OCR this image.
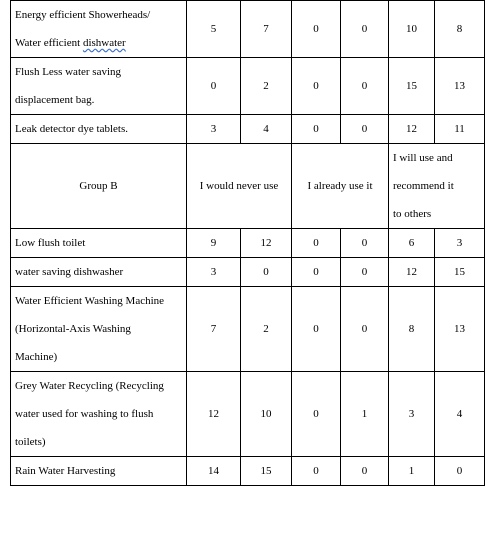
Energy efficient Showerheads/
Water efficient dishwater	5	7	0	0	10	8

Flush Less water saving
displacement bag.	0	2	0	0	15	13

Leak detector dye tablets.	3	4	0	0	12	11
Group B	I would never use		I already use it		I will use and
recommend it
to others	

Low flush toilet	9	12	0	0	6	3

water saving dishwasher	3	0	0	0	12	15

Water Efficient Washing Machine
(Horizontal-Axis Washing
Machine)	7	2	0	0	8	13

Grey Water Recycling (Recycling
water used for washing to flush
toilets)	12	10	0	1	3	4

Rain Water Harvesting	14	15	0	0	1	0
